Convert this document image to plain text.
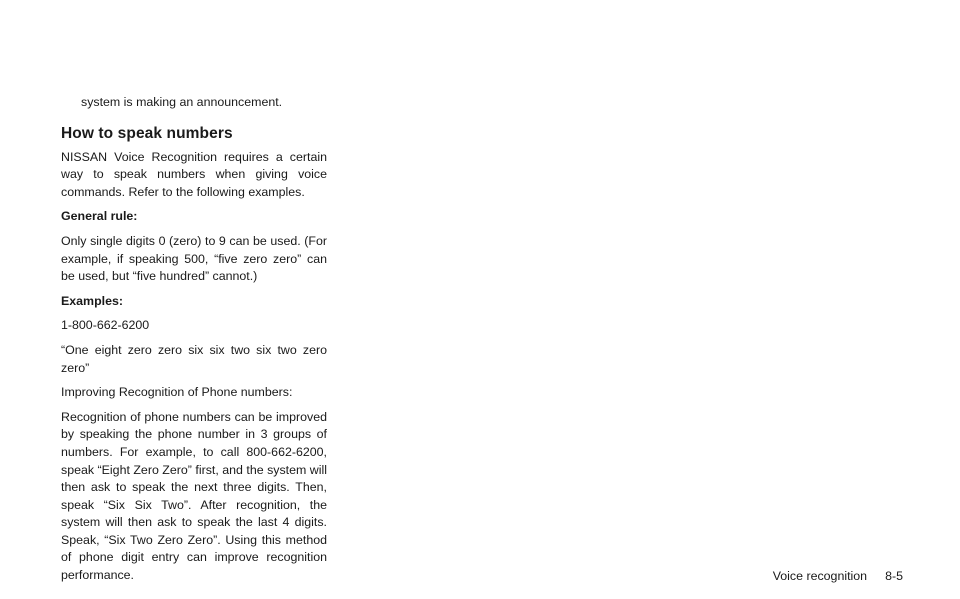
system is making an announcement.

How to speak numbers

NISSAN Voice Recognition requires a certain way to speak numbers when giving voice commands. Refer to the following examples.

General rule:

Only single digits 0 (zero) to 9 can be used. (For example, if speaking 500, “five zero zero” can be used, but “five hundred” cannot.)

Examples:

1-800-662-6200

“One eight zero zero six six two six two zero zero”

Improving Recognition of Phone numbers:

Recognition of phone numbers can be improved by speaking the phone number in 3 groups of numbers. For example, to call 800-662-6200, speak “Eight Zero Zero” first, and the system will then ask to speak the next three digits. Then, speak “Six Six Two”. After recognition, the system will then ask to speak the last 4 digits. Speak, “Six Two Zero Zero”. Using this method of phone digit entry can improve recognition performance.	Voice recognition 8-5
